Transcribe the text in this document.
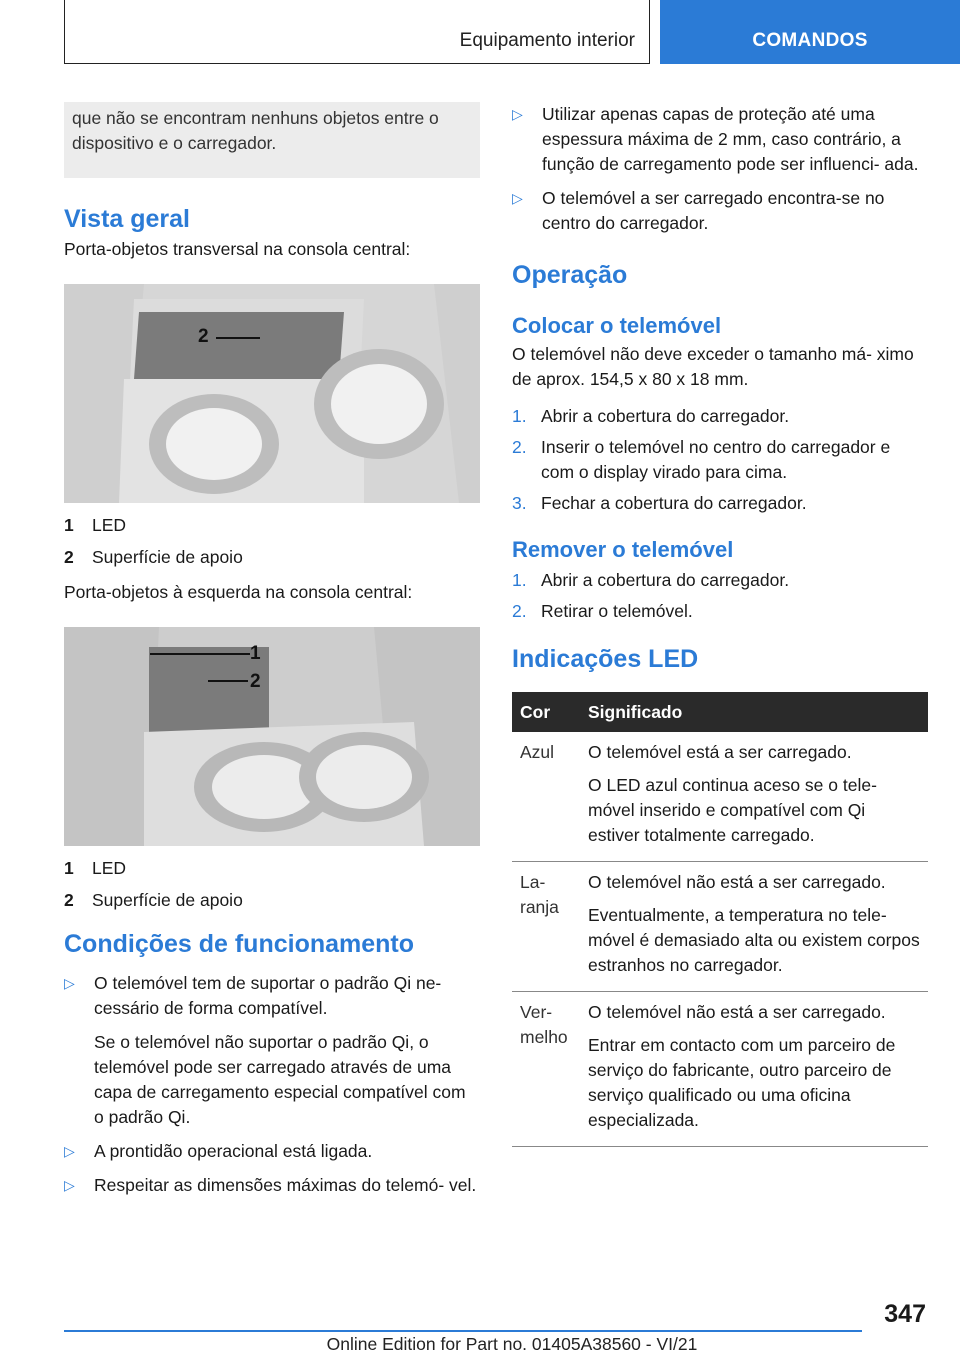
Equipamento interior	COMANDOS
que não se encontram nenhuns objetos entre o dispositivo e o carregador.
Vista geral

Porta-objetos transversal na consola central:

2
1	LED
2	Superfície de apoio

Porta-objetos à esquerda na consola central:

1
2
1	LED
2	Superfície de apoio
Condições de funcionamento
▷	O telemóvel tem de suportar o padrão Qi ne‐ cessário de forma compatível.
Se o telemóvel não suportar o padrão Qi, o telemóvel pode ser carregado através de uma capa de carregamento especial compatível com o padrão Qi.
▷	A prontidão operacional está ligada.
▷	Respeitar as dimensões máximas do telemó‐ vel.
▷	Utilizar apenas capas de proteção até uma espessura máxima de 2 mm, caso contrário, a função de carregamento pode ser influenci‐ ada.
▷	O telemóvel a ser carregado encontra-se no centro do carregador.
Operação
Colocar o telemóvel

O telemóvel não deve exceder o tamanho má‐ ximo de aprox. 154,5 x 80 x 18 mm.

1. Abrir a cobertura do carregador.
2. Inserir o telemóvel no centro do carregador e com o display virado para cima.
3. Fechar a cobertura do carregador.
Remover o telemóvel
1. Abrir a cobertura do carregador.
2. Retirar o telemóvel.
Indicações LED
Cor	Significado
Azul	O telemóvel está a ser carregado.
O LED azul continua aceso se o tele‐ móvel inserido e compatível com Qi estiver totalmente carregado.

La‐ ranja	O telemóvel não está a ser carregado.
Eventualmente, a temperatura no tele‐ móvel é demasiado alta ou existem corpos estranhos no carregador.

Ver‐ melho	O telemóvel não está a ser carregado.
Entrar em contacto com um parceiro de serviço do fabricante, outro parceiro de serviço qualificado ou uma oficina especializada.
347
Online Edition for Part no. 01405A38560 - VI/21
